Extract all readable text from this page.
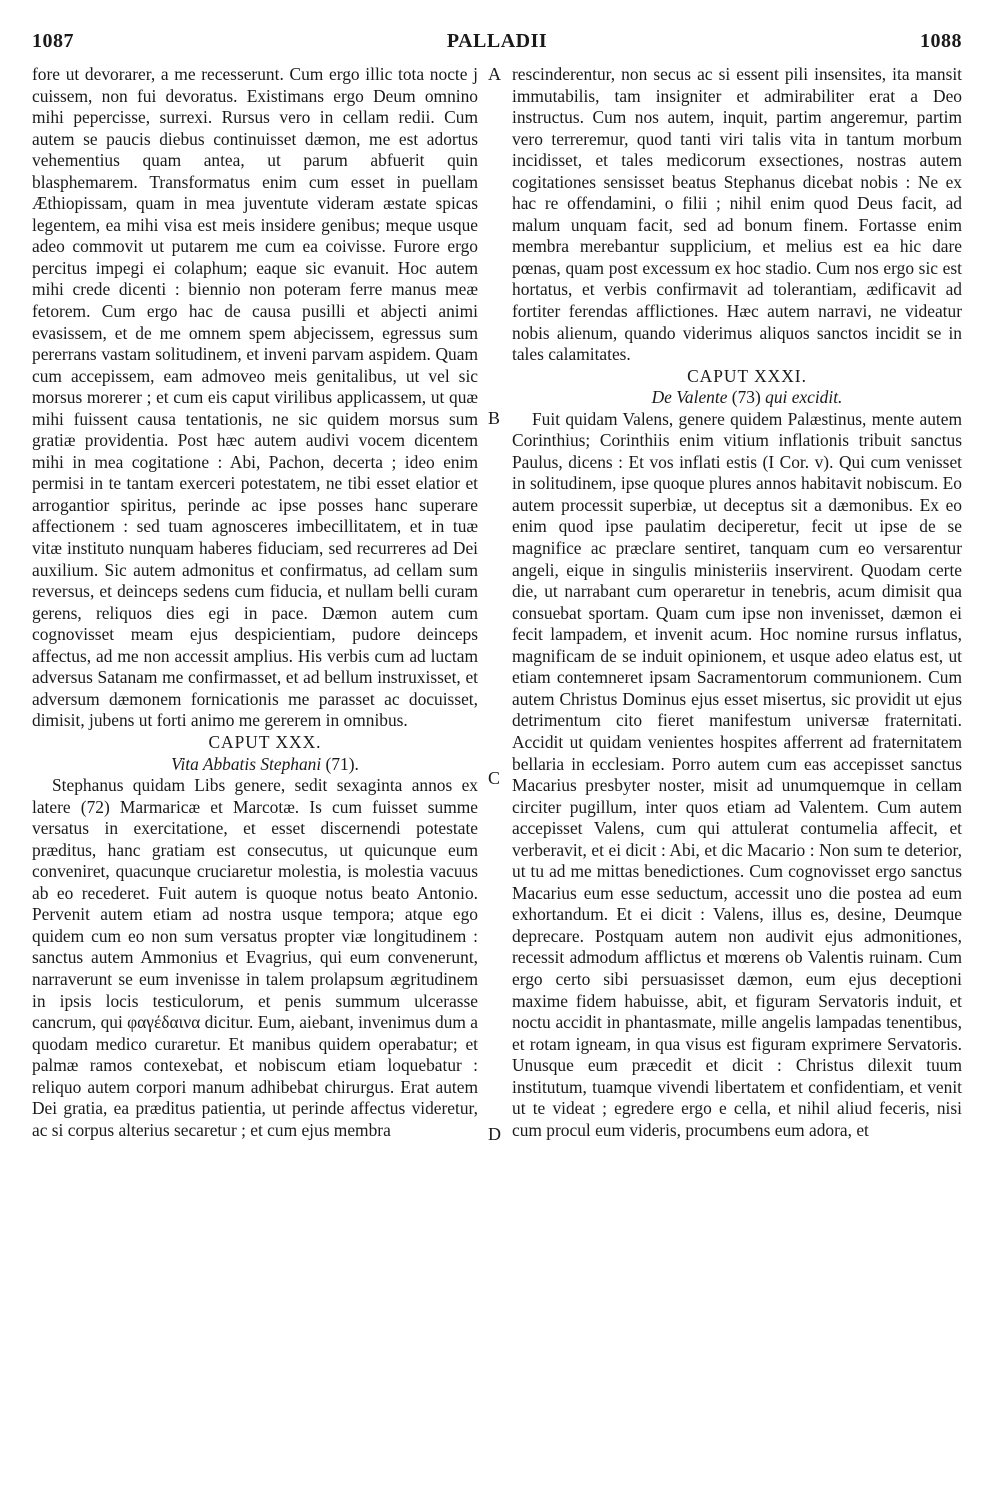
1087	PALLADII	1088
A
B
C
D

fore ut devorarer, a me recesserunt. Cum ergo illic tota nocte j cuissem, non fui devoratus. Existimans ergo Deum omnino mihi pepercisse, surrexi. Rursus vero in cellam redii. Cum autem se paucis diebus continuisset dæmon, me est adortus vehementius quam antea, ut parum abfuerit quin blasphemarem. Transformatus enim cum esset in puellam Æthiopissam, quam in mea juventute videram æstate spicas legentem, ea mihi visa est meis insidere genibus; meque usque adeo commovit ut putarem me cum ea coivisse. Furore ergo percitus impegi ei colaphum; eaque sic evanuit. Hoc autem mihi crede dicenti : biennio non poteram ferre manus meæ fetorem. Cum ergo hac de causa pusilli et abjecti animi evasissem, et de me omnem spem abjecissem, egressus sum pererrans vastam solitudinem, et inveni parvam aspidem. Quam cum accepissem, eam admoveo meis genitalibus, ut vel sic morsus morerer ; et cum eis caput virilibus applicassem, ut quæ mihi fuissent causa tentationis, ne sic quidem morsus sum gratiæ providentia. Post hæc autem audivi vocem dicentem mihi in mea cogitatione : Abi, Pachon, decerta ; ideo enim permisi in te tantam exerceri potestatem, ne tibi esset elatior et arrogantior spiritus, perinde ac ipse posses hanc superare affectionem : sed tuam agnosceres imbecillitatem, et in tuæ vitæ instituto nunquam haberes fiduciam, sed recurreres ad Dei auxilium. Sic autem admonitus et confirmatus, ad cellam sum reversus, et deinceps sedens cum fiducia, et nullam belli curam gerens, reliquos dies egi in pace. Dæmon autem cum cognovisset meam ejus despicientiam, pudore deinceps affectus, ad me non accessit amplius. His verbis cum ad luctam adversus Satanam me confirmasset, et ad bellum instruxisset, et adversum dæmonem fornicationis me parasset ac docuisset, dimisit, jubens ut forti animo me gererem in omnibus.

CAPUT XXX.

Vita Abbatis Stephani (71).

Stephanus quidam Libs genere, sedit sexaginta annos ex latere (72) Marmaricæ et Marcotæ. Is cum fuisset summe versatus in exercitatione, et esset discernendi potestate præditus, hanc gratiam est consecutus, ut quicunque eum conveniret, quacunque cruciaretur molestia, is molestia vacuus ab eo recederet. Fuit autem is quoque notus beato Antonio. Pervenit autem etiam ad nostra usque tempora; atque ego quidem cum eo non sum versatus propter viæ longitudinem : sanctus autem Ammonius et Evagrius, qui eum convenerunt, narraverunt se eum invenisse in talem prolapsum ægritudinem in ipsis locis testiculorum, et penis summum ulcerasse cancrum, qui φαγέδαινα dicitur. Eum, aiebant, invenimus dum a quodam medico curaretur. Et manibus quidem operabatur; et palmæ ramos contexebat, et nobiscum etiam loquebatur : reliquo autem corpori manum adhibebat chirurgus. Erat autem Dei gratia, ea præditus patientia, ut perinde affectus videretur, ac si corpus alterius secaretur ; et cum ejus membra

rescinderentur, non secus ac si essent pili insensites, ita mansit immutabilis, tam insigniter et admirabiliter erat a Deo instructus. Cum nos autem, inquit, partim angeremur, partim vero terreremur, quod tanti viri talis vita in tantum morbum incidisset, et tales medicorum exsectiones, nostras autem cogitationes sensisset beatus Stephanus dicebat nobis : Ne ex hac re offendamini, o filii ; nihil enim quod Deus facit, ad malum unquam facit, sed ad bonum finem. Fortasse enim membra merebantur supplicium, et melius est ea hic dare pœnas, quam post excessum ex hoc stadio. Cum nos ergo sic est hortatus, et verbis confirmavit ad tolerantiam, ædificavit ad fortiter ferendas afflictiones. Hæc autem narravi, ne videatur nobis alienum, quando viderimus aliquos sanctos incidit se in tales calamitates.

CAPUT XXXI.

De Valente (73) qui excidit.

Fuit quidam Valens, genere quidem Palæstinus, mente autem Corinthius; Corinthiis enim vitium inflationis tribuit sanctus Paulus, dicens : Et vos inflati estis (I Cor. v). Qui cum venisset in solitudinem, ipse quoque plures annos habitavit nobiscum. Eo autem processit superbiæ, ut deceptus sit a dæmonibus. Ex eo enim quod ipse paulatim deciperetur, fecit ut ipse de se magnifice ac præclare sentiret, tanquam cum eo versarentur angeli, eique in singulis ministeriis inservirent. Quodam certe die, ut narrabant cum operaretur in tenebris, acum dimisit qua consuebat sportam. Quam cum ipse non invenisset, dæmon ei fecit lampadem, et invenit acum. Hoc nomine rursus inflatus, magnificam de se induit opinionem, et usque adeo elatus est, ut etiam contemneret ipsam Sacramentorum communionem. Cum autem Christus Dominus ejus esset misertus, sic providit ut ejus detrimentum cito fieret manifestum universæ fraternitati. Accidit ut quidam venientes hospites afferrent ad fraternitatem bellaria in ecclesiam. Porro autem cum eas accepisset sanctus Macarius presbyter noster, misit ad unumquemque in cellam circiter pugillum, inter quos etiam ad Valentem. Cum autem accepisset Valens, cum qui attulerat contumelia affecit, et verberavit, et ei dicit : Abi, et dic Macario : Non sum te deterior, ut tu ad me mittas benedictiones. Cum cognovisset ergo sanctus Macarius eum esse seductum, accessit uno die postea ad eum exhortandum. Et ei dicit : Valens, illus es, desine, Deumque deprecare. Postquam autem non audivit ejus admonitiones, recessit admodum afflictus et mœrens ob Valentis ruinam. Cum ergo certo sibi persuasisset dæmon, eum ejus deceptioni maxime fidem habuisse, abit, et figuram Servatoris induit, et noctu accidit in phantasmate, mille angelis lampadas tenentibus, et rotam igneam, in qua visus est figuram exprimere Servatoris. Unusque eum præcedit et dicit : Christus dilexit tuum institutum, tuamque vivendi libertatem et confidentiam, et venit ut te videat ; egredere ergo e cella, et nihil aliud feceris, nisi cum procul eum videris, procumbens eum adora, et
